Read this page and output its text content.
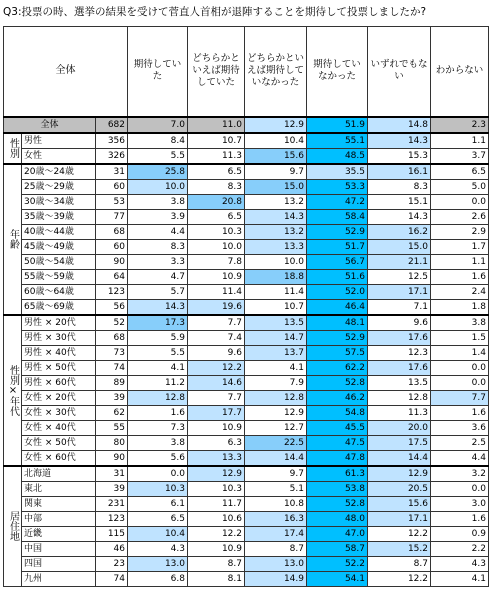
Q3:投票の時、選挙の結果を受けて菅直人首相が退陣することを期待して投票しましたか?
全体			期待していた	どちらかといえば期待していた	どちらかといえば期待していなかった	期待していなかった	いずれでもない	わからない
全体		682	7.0	11.0	12.9	51.9	14.8	2.3
性別	男性	356	8.4	10.7	10.4	55.1	14.3	1.1
	女性	326	5.5	11.3	15.6	48.5	15.3	3.7
年齢	20歳～24歳	31	25.8	6.5	9.7	35.5	16.1	6.5
	25歳～29歳	60	10.0	8.3	15.0	53.3	8.3	5.0
	30歳～34歳	53	3.8	20.8	13.2	47.2	15.1	0.0
	35歳～39歳	77	3.9	6.5	14.3	58.4	14.3	2.6
	40歳～44歳	68	4.4	10.3	13.2	52.9	16.2	2.9
	45歳～49歳	60	8.3	10.0	13.3	51.7	15.0	1.7
	50歳～54歳	90	3.3	7.8	10.0	56.7	21.1	1.1
	55歳～59歳	64	4.7	10.9	18.8	51.6	12.5	1.6
	60歳～64歳	123	5.7	11.4	11.4	52.0	17.1	2.4
	65歳～69歳	56	14.3	19.6	10.7	46.4	7.1	1.8
性別×年代	男性 × 20代	52	17.3	7.7	13.5	48.1	9.6	3.8
	男性 × 30代	68	5.9	7.4	14.7	52.9	17.6	1.5
	男性 × 40代	73	5.5	9.6	13.7	57.5	12.3	1.4
	男性 × 50代	74	4.1	12.2	4.1	62.2	17.6	0.0
	男性 × 60代	89	11.2	14.6	7.9	52.8	13.5	0.0
	女性 × 20代	39	12.8	7.7	12.8	46.2	12.8	7.7
	女性 × 30代	62	1.6	17.7	12.9	54.8	11.3	1.6
	女性 × 40代	55	7.3	10.9	12.7	45.5	20.0	3.6
	女性 × 50代	80	3.8	6.3	22.5	47.5	17.5	2.5
	女性 × 60代	90	5.6	13.3	14.4	47.8	14.4	4.4
居住地	北海道	31	0.0	12.9	9.7	61.3	12.9	3.2
	東北	39	10.3	10.3	5.1	53.8	20.5	0.0
	関東	231	6.1	11.7	10.8	52.8	15.6	3.0
	中部	123	6.5	10.6	16.3	48.0	17.1	1.6
	近畿	115	10.4	12.2	17.4	47.0	12.2	0.9
	中国	46	4.3	10.9	8.7	58.7	15.2	2.2
	四国	23	13.0	8.7	13.0	52.2	8.7	4.3
	九州	74	6.8	8.1	14.9	54.1	12.2	4.1
